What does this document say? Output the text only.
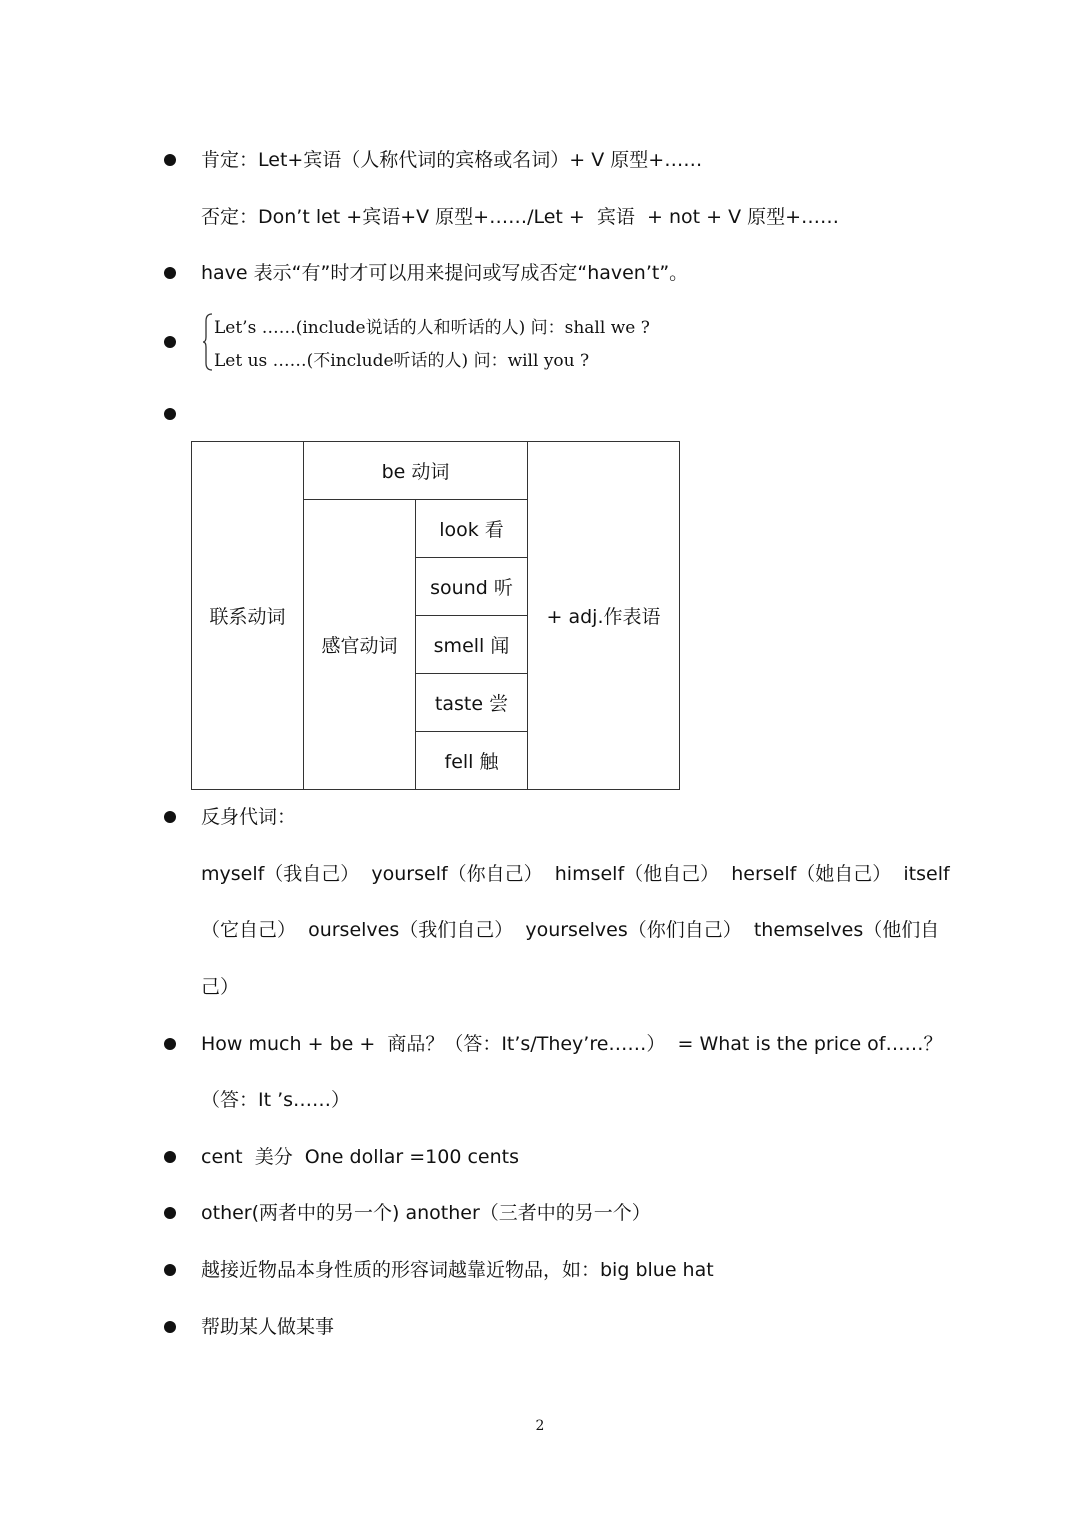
肯定：Let+宾语（人称代词的宾格或名词）+ V 原型+……
否定：Don’t let +宾语+V 原型+……/Let +  宾语  + not + V 原型+……
have 表示“有”时才可以用来提问或写成否定“haven’t”。
Let’s ……(include说话的人和听话的人) 问：shall we ?
Let us ……(不include听话的人) 问：will you ?
联系动词	be 动词		+ adj.作表语
	感官动词	look 看	
		sound 听	
		smell 闻	
		taste 尝	
		fell 触	
反身代词：
myself（我自己）  yourself（你自己）  himself（他自己）  herself（她自己）  itself
（它自己）  ourselves（我们自己）  yourselves（你们自己）  themselves（他们自
己）
How much + be +  商品？（答：It’s/They’re……）  = What is the price of……？
（答：It ’s……）
cent  美分  One dollar =100 cents
other(两者中的另一个) another（三者中的另一个）
越接近物品本身性质的形容词越靠近物品，如：big blue hat
帮助某人做某事
2
